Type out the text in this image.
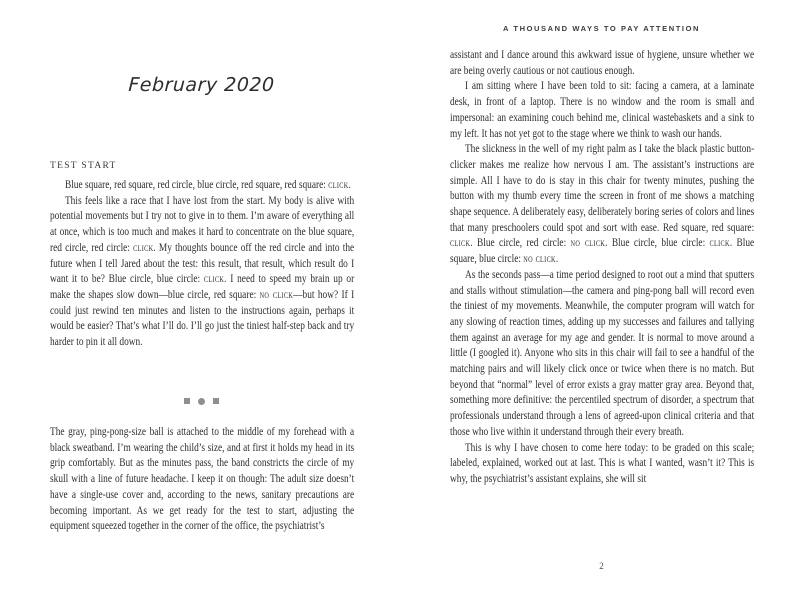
February 2020
TEST START

Blue square, red square, red circle, blue circle, red square, red square: click.

This feels like a race that I have lost from the start. My body is alive with potential movements but I try not to give in to them. I’m aware of everything all at once, which is too much and makes it hard to concentrate on the blue square, red circle, red circle: click. My thoughts bounce off the red circle and into the future when I tell Jared about the test: this result, that result, which result do I want it to be? Blue circle, blue circle: click. I need to speed my brain up or make the shapes slow down—blue circle, red square: no click—but how? If I could just rewind ten minutes and listen to the instructions again, perhaps it would be easier? That’s what I’ll do. I’ll go just the tiniest half-step back and try harder to pin it all down.

The gray, ping-pong-size ball is attached to the middle of my forehead with a black sweatband. I’m wearing the child’s size, and at first it holds my head in its grip comfortably. But as the minutes pass, the band constricts the circle of my skull with a line of future headache. I keep it on though: The adult size doesn’t have a single-use cover and, according to the news, sanitary precautions are becoming important. As we get ready for the test to start, adjusting the equipment squeezed together in the corner of the office, the psychiatrist’s

A THOUSAND WAYS TO PAY ATTENTION

assistant and I dance around this awkward issue of hygiene, unsure whether we are being overly cautious or not cautious enough.

I am sitting where I have been told to sit: facing a camera, at a laminate desk, in front of a laptop. There is no window and the room is small and impersonal: an examining couch behind me, clinical wastebaskets and a sink to my left. It has not yet got to the stage where we think to wash our hands.

The slickness in the well of my right palm as I take the black plastic button-clicker makes me realize how nervous I am. The assistant’s instructions are simple. All I have to do is stay in this chair for twenty minutes, pushing the button with my thumb every time the screen in front of me shows a matching shape sequence. A deliberately easy, deliberately boring series of colors and lines that many preschoolers could spot and sort with ease. Red square, red square: click. Blue circle, red circle: no click. Blue circle, blue circle: click. Blue square, blue circle: no click.

As the seconds pass—a time period designed to root out a mind that sputters and stalls without stimulation—the camera and ping-pong ball will record even the tiniest of my movements. Meanwhile, the computer program will watch for any slowing of reaction times, adding up my successes and failures and tallying them against an average for my age and gender. It is normal to move around a little (I googled it). Anyone who sits in this chair will fail to see a handful of the matching pairs and will likely click once or twice when there is no match. But beyond that “normal” level of error exists a gray matter gray area. Beyond that, something more definitive: the percentiled spectrum of disorder, a spectrum that professionals understand through a lens of agreed-upon clinical criteria and that those who live within it understand through their every breath.

This is why I have chosen to come here today: to be graded on this scale; labeled, explained, worked out at last. This is what I wanted, wasn’t it? This is why, the psychiatrist’s assistant explains, she will sit

2
